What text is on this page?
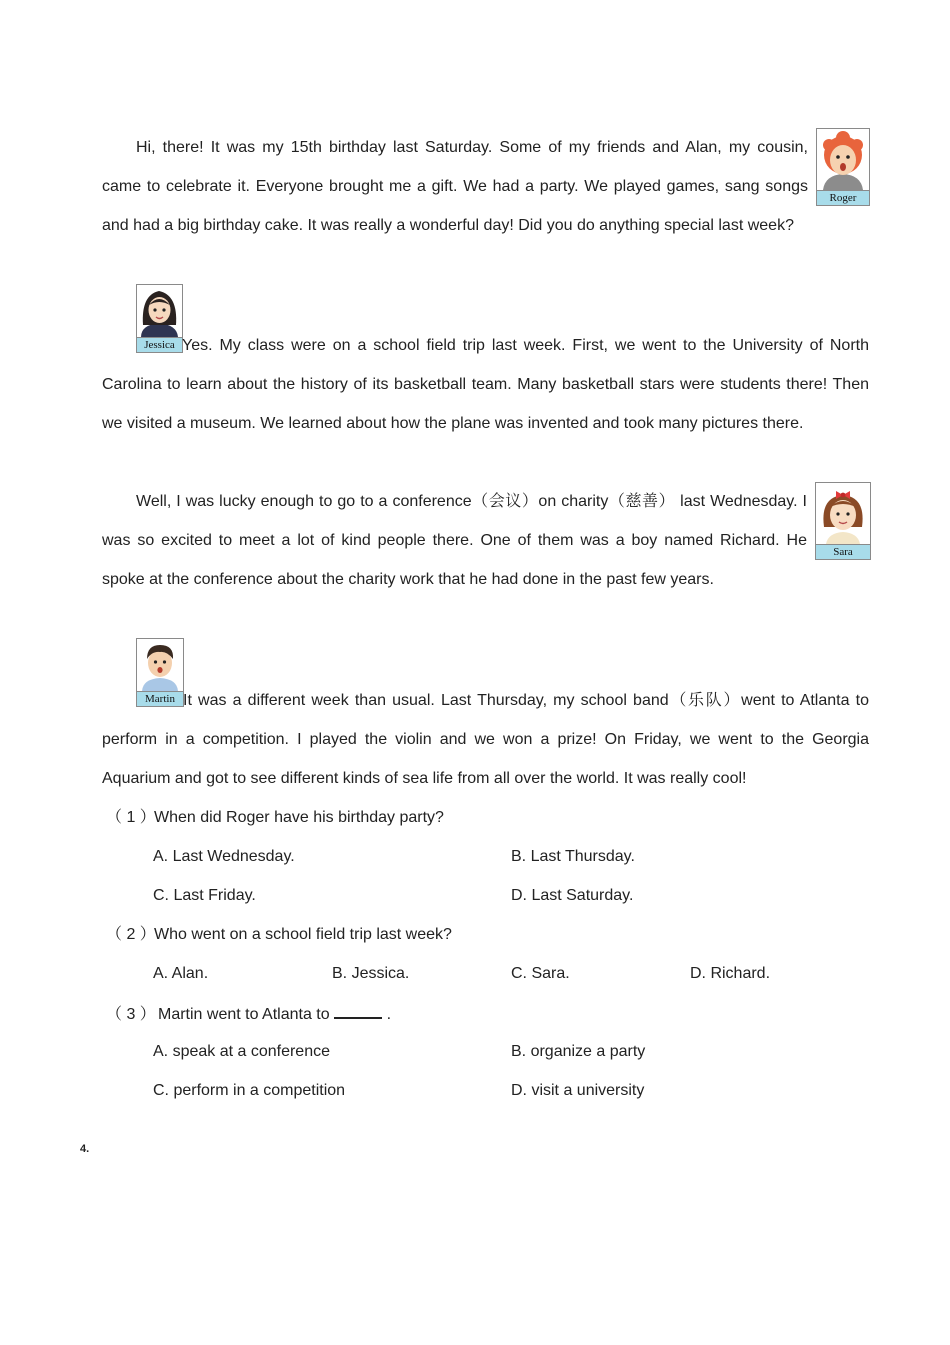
Roger
Jessica
Sara
Martin

Hi, there! It was my 15th birthday last Saturday. Some of my friends and Alan, my cousin, came to celebrate it. Everyone brought me a gift. We had a party. We played games, sang songs and had a big birthday cake. It was really a wonderful day! Did you do anything special last week?

Yes. My class were on a school field trip last week. First, we went to the University of North Carolina to learn about the history of its basketball team. Many basketball stars were students there! Then we visited a museum. We learned about how the plane was invented and took many pictures there.

Well, I was lucky enough to go to a conference（会议）on charity（慈善） last Wednesday. I was so excited to meet a lot of kind people there. One of them was a boy named Richard. He spoke at the conference about the charity work that he had done in the past few years.

It was a different week than usual. Last Thursday, my school band（乐队）went to Atlanta to perform in a competition. I played the violin and we won a prize! On Friday, we went to the Georgia Aquarium and got to see different kinds of sea life from all over the world. It was really cool!

（ 1 ）When did Roger have his birthday party?
A. Last Wednesday.	B. Last Thursday.
C. Last Friday.	D. Last Saturday.
（ 2 ）Who went on a school field trip last week?
A. Alan.	B. Jessica.	C. Sara.	D. Richard.
（ 3 ） Martin went to Atlanta to	.
A. speak at a conference	B. organize a party
C. perform in a competition	D. visit a university
4.
